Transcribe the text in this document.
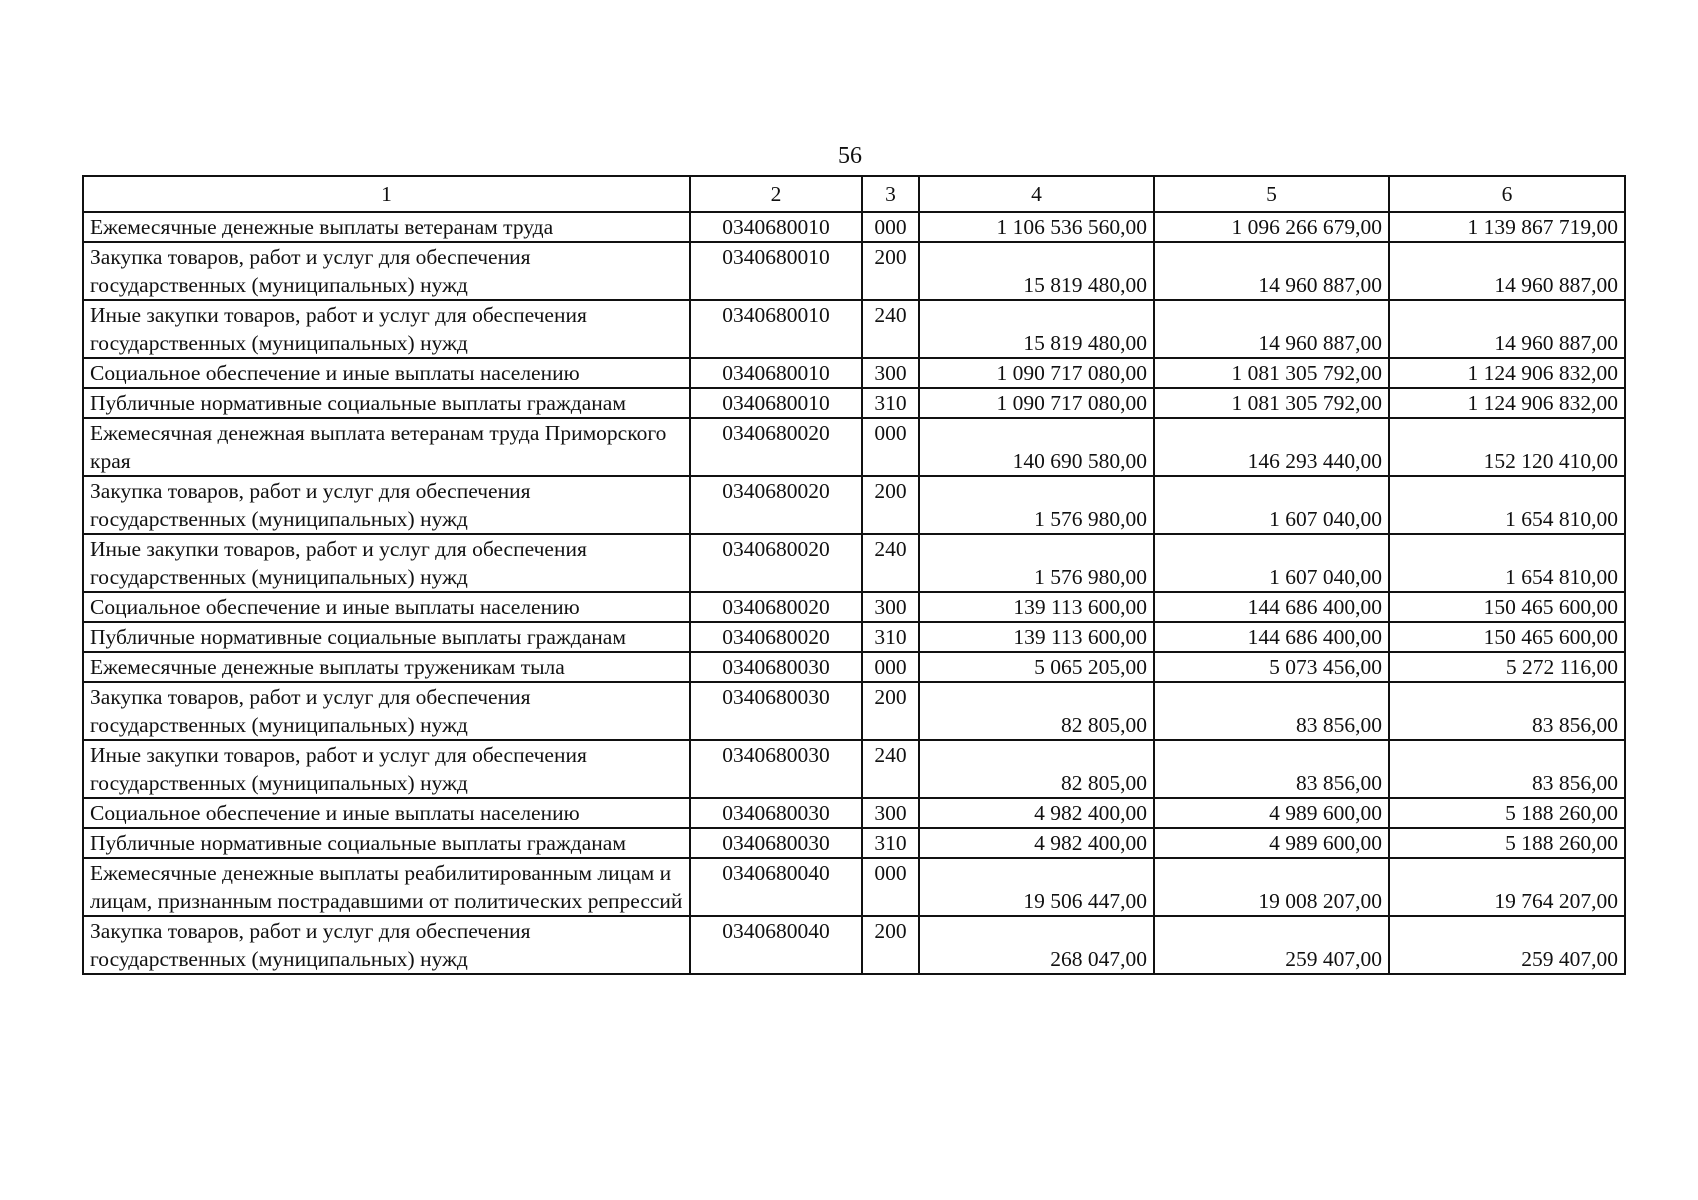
56
1	2	3	4	5	6
Ежемесячные денежные выплаты ветеранам труда	0340680010	000	1 106 536 560,00	1 096 266 679,00	1 139 867 719,00
Закупка товаров, работ и услуг для обеспечения государственных (муниципальных) нужд	0340680010	200	15 819 480,00	14 960 887,00	14 960 887,00
Иные закупки товаров, работ и услуг для обеспечения государственных (муниципальных) нужд	0340680010	240	15 819 480,00	14 960 887,00	14 960 887,00
Социальное обеспечение и иные выплаты населению	0340680010	300	1 090 717 080,00	1 081 305 792,00	1 124 906 832,00
Публичные нормативные социальные выплаты гражданам	0340680010	310	1 090 717 080,00	1 081 305 792,00	1 124 906 832,00
Ежемесячная денежная выплата ветеранам труда Приморского края	0340680020	000	140 690 580,00	146 293 440,00	152 120 410,00
Закупка товаров, работ и услуг для обеспечения государственных (муниципальных) нужд	0340680020	200	1 576 980,00	1 607 040,00	1 654 810,00
Иные закупки товаров, работ и услуг для обеспечения государственных (муниципальных) нужд	0340680020	240	1 576 980,00	1 607 040,00	1 654 810,00
Социальное обеспечение и иные выплаты населению	0340680020	300	139 113 600,00	144 686 400,00	150 465 600,00
Публичные нормативные социальные выплаты гражданам	0340680020	310	139 113 600,00	144 686 400,00	150 465 600,00
Ежемесячные денежные выплаты труженикам тыла	0340680030	000	5 065 205,00	5 073 456,00	5 272 116,00
Закупка товаров, работ и услуг для обеспечения государственных (муниципальных) нужд	0340680030	200	82 805,00	83 856,00	83 856,00
Иные закупки товаров, работ и услуг для обеспечения государственных (муниципальных) нужд	0340680030	240	82 805,00	83 856,00	83 856,00
Социальное обеспечение и иные выплаты населению	0340680030	300	4 982 400,00	4 989 600,00	5 188 260,00
Публичные нормативные социальные выплаты гражданам	0340680030	310	4 982 400,00	4 989 600,00	5 188 260,00
Ежемесячные денежные выплаты реабилитированным лицам и лицам, признанным пострадавшими от политических репрессий	0340680040	000	19 506 447,00	19 008 207,00	19 764 207,00
Закупка товаров, работ и услуг для обеспечения государственных (муниципальных) нужд	0340680040	200	268 047,00	259 407,00	259 407,00
